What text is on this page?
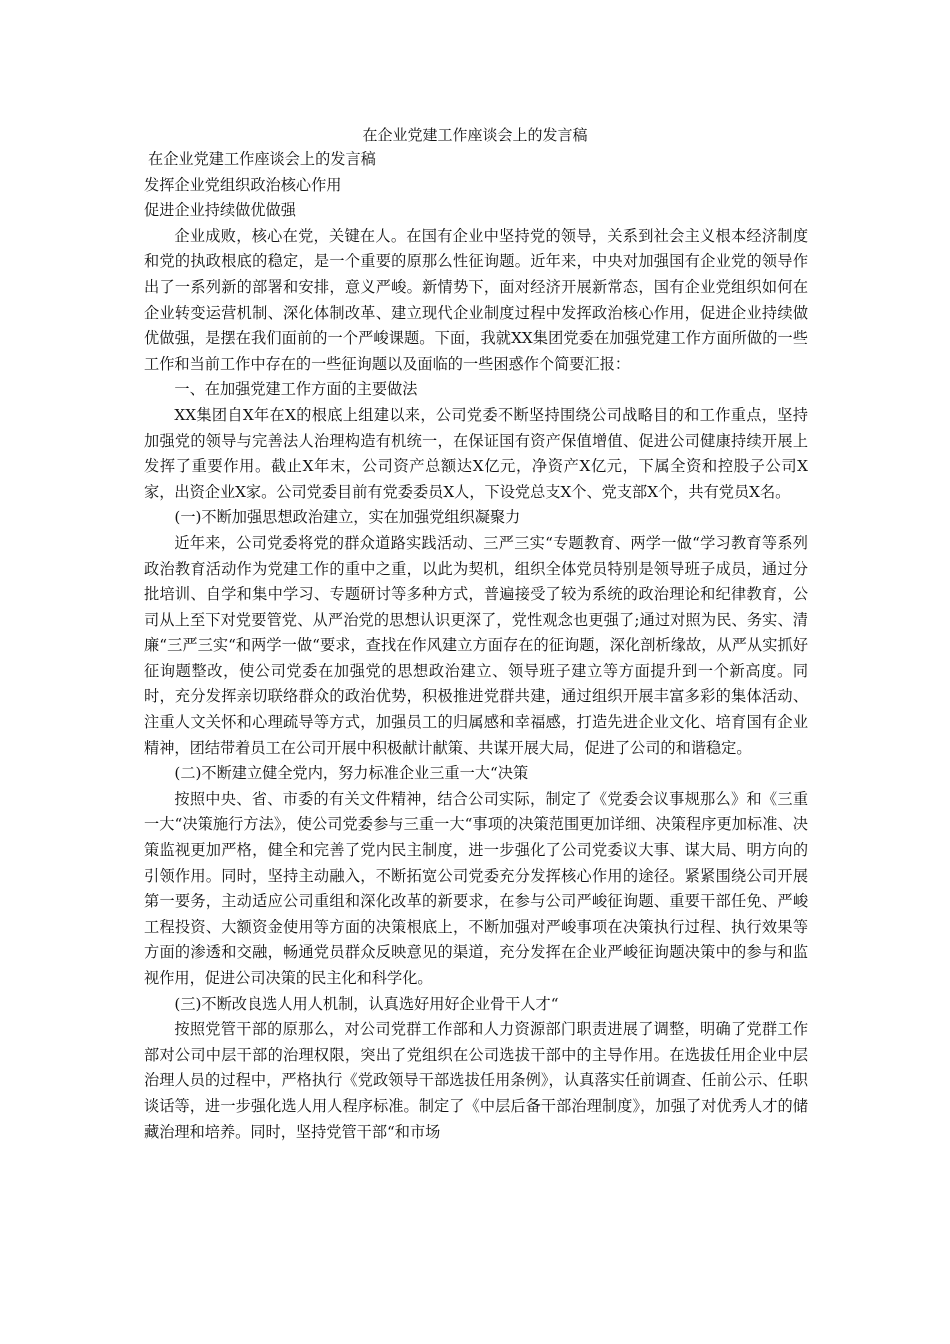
在企业党建工作座谈会上的发言稿

在企业党建工作座谈会上的发言稿

发挥企业党组织政治核心作用

促进企业持续做优做强

企业成败，核心在党，关键在人。在国有企业中坚持党的领导，关系到社会主义根本经济制度和党的执政根底的稳定，是一个重要的原那么性征询题。近年来，中央对加强国有企业党的领导作出了一系列新的部署和安排，意义严峻。新情势下，面对经济开展新常态，国有企业党组织如何在企业转变运营机制、深化体制改革、建立现代企业制度过程中发挥政治核心作用，促进企业持续做优做强，是摆在我们面前的一个严峻课题。下面，我就XX集团党委在加强党建工作方面所做的一些工作和当前工作中存在的一些征询题以及面临的一些困惑作个简要汇报：

一、在加强党建工作方面的主要做法

XX集团自X年在X的根底上组建以来，公司党委不断坚持围绕公司战略目的和工作重点，坚持加强党的领导与完善法人治理构造有机统一，在保证国有资产保值增值、促进公司健康持续开展上发挥了重要作用。截止X年末，公司资产总额达X亿元，净资产X亿元，下属全资和控股子公司X家，出资企业X家。公司党委目前有党委委员X人，下设党总支X个、党支部X个，共有党员X名。

(一)不断加强思想政治建立，实在加强党组织凝聚力

近年来，公司党委将党的群众道路实践活动、三严三实“专题教育、两学一做“学习教育等系列政治教育活动作为党建工作的重中之重，以此为契机，组织全体党员特别是领导班子成员，通过分批培训、自学和集中学习、专题研讨等多种方式，普遍接受了较为系统的政治理论和纪律教育，公司从上至下对党要管党、从严治党的思想认识更深了，党性观念也更强了;通过对照为民、务实、清廉“三严三实“和两学一做“要求，查找在作风建立方面存在的征询题，深化剖析缘故，从严从实抓好征询题整改，使公司党委在加强党的思想政治建立、领导班子建立等方面提升到一个新高度。同时，充分发挥亲切联络群众的政治优势，积极推进党群共建，通过组织开展丰富多彩的集体活动、注重人文关怀和心理疏导等方式，加强员工的归属感和幸福感，打造先进企业文化、培育国有企业精神，团结带着员工在公司开展中积极献计献策、共谋开展大局，促进了公司的和谐稳定。

(二)不断建立健全党内，努力标准企业三重一大“决策

按照中央、省、市委的有关文件精神，结合公司实际，制定了《党委会议事规那么》和《三重一大“决策施行方法》，使公司党委参与三重一大“事项的决策范围更加详细、决策程序更加标准、决策监视更加严格，健全和完善了党内民主制度，进一步强化了公司党委议大事、谋大局、明方向的引领作用。同时，坚持主动融入，不断拓宽公司党委充分发挥核心作用的途径。紧紧围绕公司开展第一要务，主动适应公司重组和深化改革的新要求，在参与公司严峻征询题、重要干部任免、严峻工程投资、大额资金使用等方面的决策根底上，不断加强对严峻事项在决策执行过程、执行效果等方面的渗透和交融，畅通党员群众反映意见的渠道，充分发挥在企业严峻征询题决策中的参与和监视作用，促进公司决策的民主化和科学化。

(三)不断改良选人用人机制，认真选好用好企业骨干人才“

按照党管干部的原那么，对公司党群工作部和人力资源部门职责进展了调整，明确了党群工作部对公司中层干部的治理权限，突出了党组织在公司选拔干部中的主导作用。在选拔任用企业中层治理人员的过程中，严格执行《党政领导干部选拔任用条例》，认真落实任前调查、任前公示、任职谈话等，进一步强化选人用人程序标准。制定了《中层后备干部治理制度》，加强了对优秀人才的储藏治理和培养。同时，坚持党管干部“和市场
